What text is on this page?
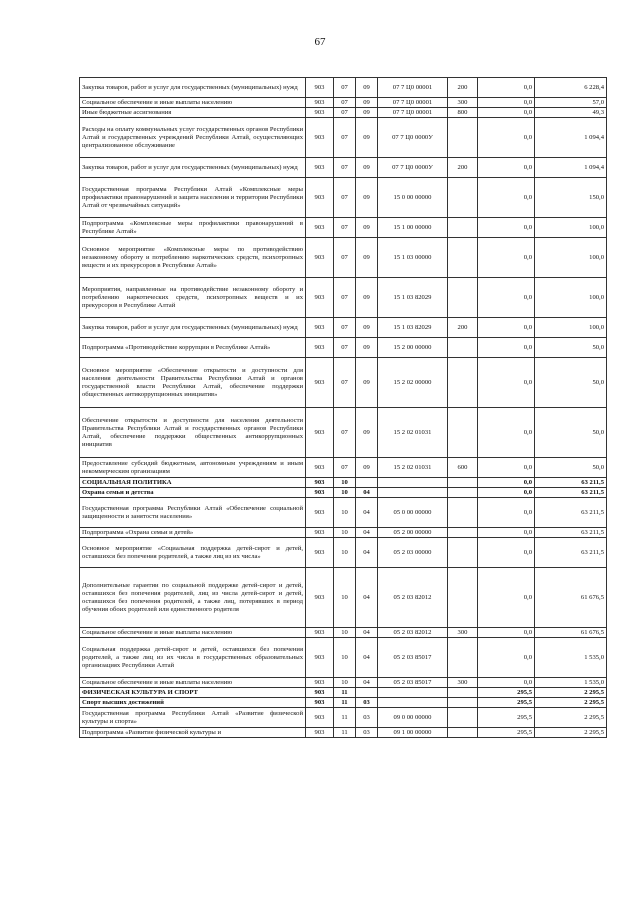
67
Закупка товаров, работ и услуг для государственных (муниципальных) нужд	903	07	09	07 7 Ц0 00001	200	0,0	6 228,4
Социальное обеспечение и иные выплаты населению	903	07	09	07 7 Ц0 00001	300	0,0	57,0
Иные бюджетные ассигнования	903	07	09	07 7 Ц0 00001	800	0,0	49,3
Расходы на оплату коммунальных услуг государственных органов Республики Алтай и государственных учреждений Республики Алтай, осуществляющих централизованное обслуживание	903	07	09	07 7 Ц0 0000У		0,0	1 094,4
Закупка товаров, работ и услуг для государственных (муниципальных) нужд	903	07	09	07 7 Ц0 0000У	200	0,0	1 094,4
Государственная программа Республики Алтай «Комплексные меры профилактики правонарушений и защита населения и территории Республики Алтай от чрезвычайных ситуаций»	903	07	09	15 0 00 00000		0,0	150,0
Подпрограмма «Комплексные меры профилактики правонарушений в Республике Алтай»	903	07	09	15 1 00 00000		0,0	100,0
Основное мероприятие «Комплексные меры по противодействию незаконному обороту и потреблению наркотических средств, психотропных веществ и их прекурсоров в Республике Алтай»	903	07	09	15 1 03 00000		0,0	100,0
Мероприятия, направленные на противодействие незаконному обороту и потреблению наркотических средств, психотропных веществ и их прекурсоров в Республике Алтай	903	07	09	15 1 03 82029		0,0	100,0
Закупка товаров, работ и услуг для государственных (муниципальных) нужд	903	07	09	15 1 03 82029	200	0,0	100,0
Подпрограмма «Противодействие коррупции в Республике Алтай»	903	07	09	15 2 00 00000		0,0	50,0
Основное мероприятие «Обеспечение открытости и доступности для населения деятельности Правительства Республики Алтай и органов государственной власти Республики Алтай, обеспечение поддержки общественных антикоррупционных инициатив»	903	07	09	15 2 02 00000		0,0	50,0
Обеспечение открытости и доступности для населения деятельности Правительства Республики Алтай и государственных органов Республики Алтай, обеспечение поддержки общественных антикоррупционных инициатив	903	07	09	15 2 02 01031		0,0	50,0
Предоставление субсидий бюджетным, автономным учреждениям и иным некоммерческим организациям	903	07	09	15 2 02 01031	600	0,0	50,0
СОЦИАЛЬНАЯ ПОЛИТИКА	903	10				0,0	63 211,5
Охрана семьи и детства	903	10	04			0,0	63 211,5
Государственная программа Республики Алтай «Обеспечение социальной защищенности и занятости населения»	903	10	04	05 0 00 00000		0,0	63 211,5
Подпрограмма «Охрана семьи и детей»	903	10	04	05 2 00 00000		0,0	63 211,5
Основное мероприятие «Социальная поддержка детей-сирот и детей, оставшихся без попечения родителей, а также лиц из их числа»	903	10	04	05 2 03 00000		0,0	63 211,5
Дополнительные гарантии по социальной поддержке детей-сирот и детей, оставшихся без попечения родителей, лиц из числа детей-сирот и детей, оставшихся без попечения родителей, а также лиц, потерявших в период обучения обоих родителей или единственного родителя	903	10	04	05 2 03 82012		0,0	61 676,5
Социальное обеспечение и иные выплаты населению	903	10	04	05 2 03 82012	300	0,0	61 676,5
Социальная поддержка детей-сирот и детей, оставшихся без попечения родителей, а также лиц из их числа в государственных образовательных организациях Республики Алтай	903	10	04	05 2 03 85017		0,0	1 535,0
Социальное обеспечение и иные выплаты населению	903	10	04	05 2 03 85017	300	0,0	1 535,0
ФИЗИЧЕСКАЯ КУЛЬТУРА И СПОРТ	903	11				295,5	2 295,5
Спорт высших достижений	903	11	03			295,5	2 295,5
Государственная программа Республики Алтай «Развитие физической культуры и спорта»	903	11	03	09 0 00 00000		295,5	2 295,5
Подпрограмма «Развитие физической культуры и	903	11	03	09 1 00 00000		295,5	2 295,5
